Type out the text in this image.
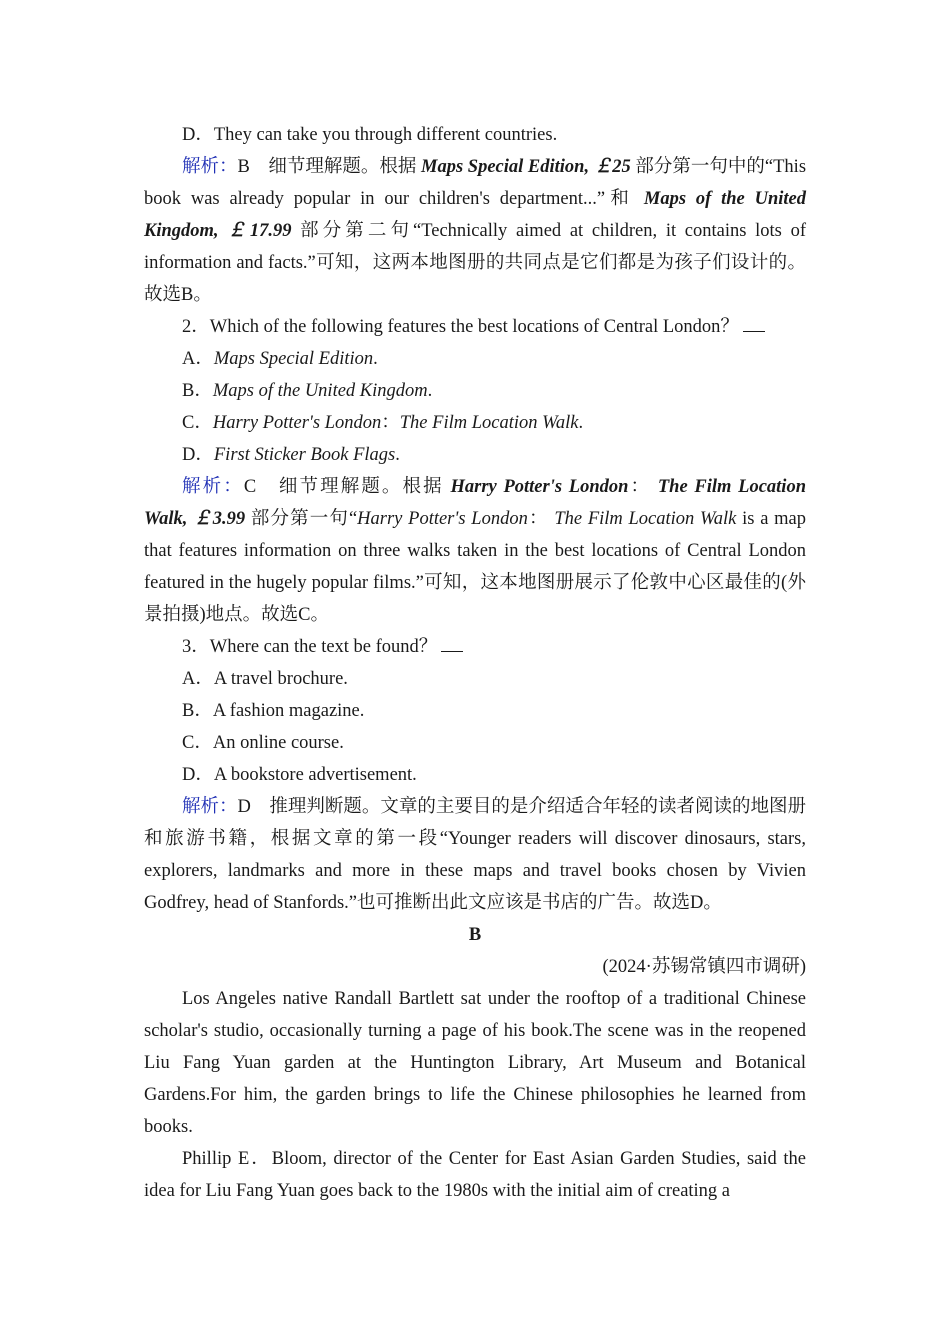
D．They can take you through different countries.

解析：B　细节理解题。根据 Maps Special Edition, ￡25 部分第一句中的“This book was already popular in our children's department...”和 Maps of the United Kingdom, ￡17.99 部分第二句“Technically aimed at children, it contains lots of information and facts.”可知，这两本地图册的共同点是它们都是为孩子们设计的。故选B。

2．Which of the following features the best locations of Central London？

A．Maps Special Edition.

B．Maps of the United Kingdom.

C．Harry Potter's London：The Film Location Walk.

D．First Sticker Book Flags.

解析：C　细节理解题。根据 Harry Potter's London： The Film Location Walk, ￡3.99 部分第一句“Harry Potter's London： The Film Location Walk is a map that features information on three walks taken in the best locations of Central London featured in the hugely popular films.”可知，这本地图册展示了伦敦中心区最佳的(外景拍摄)地点。故选C。

3．Where can the text be found？

A．A travel brochure.

B．A fashion magazine.

C．An online course.

D．A bookstore advertisement.

解析：D　推理判断题。文章的主要目的是介绍适合年轻的读者阅读的地图册和旅游书籍，根据文章的第一段“Younger readers will discover dinosaurs, stars, explorers, landmarks and more in these maps and travel books chosen by Vivien Godfrey, head of Stanfords.”也可推断出此文应该是书店的广告。故选D。

B

(2024·苏锡常镇四市调研)

Los Angeles native Randall Bartlett sat under the rooftop of a traditional Chinese scholar's studio, occasionally turning a page of his book.The scene was in the reopened Liu Fang Yuan garden at the Huntington Library, Art Museum and Botanical Gardens.For him, the garden brings to life the Chinese philosophies he learned from books.

Phillip E．Bloom, director of the Center for East Asian Garden Studies, said the idea for Liu Fang Yuan goes back to the 1980s with the initial aim of creating a
